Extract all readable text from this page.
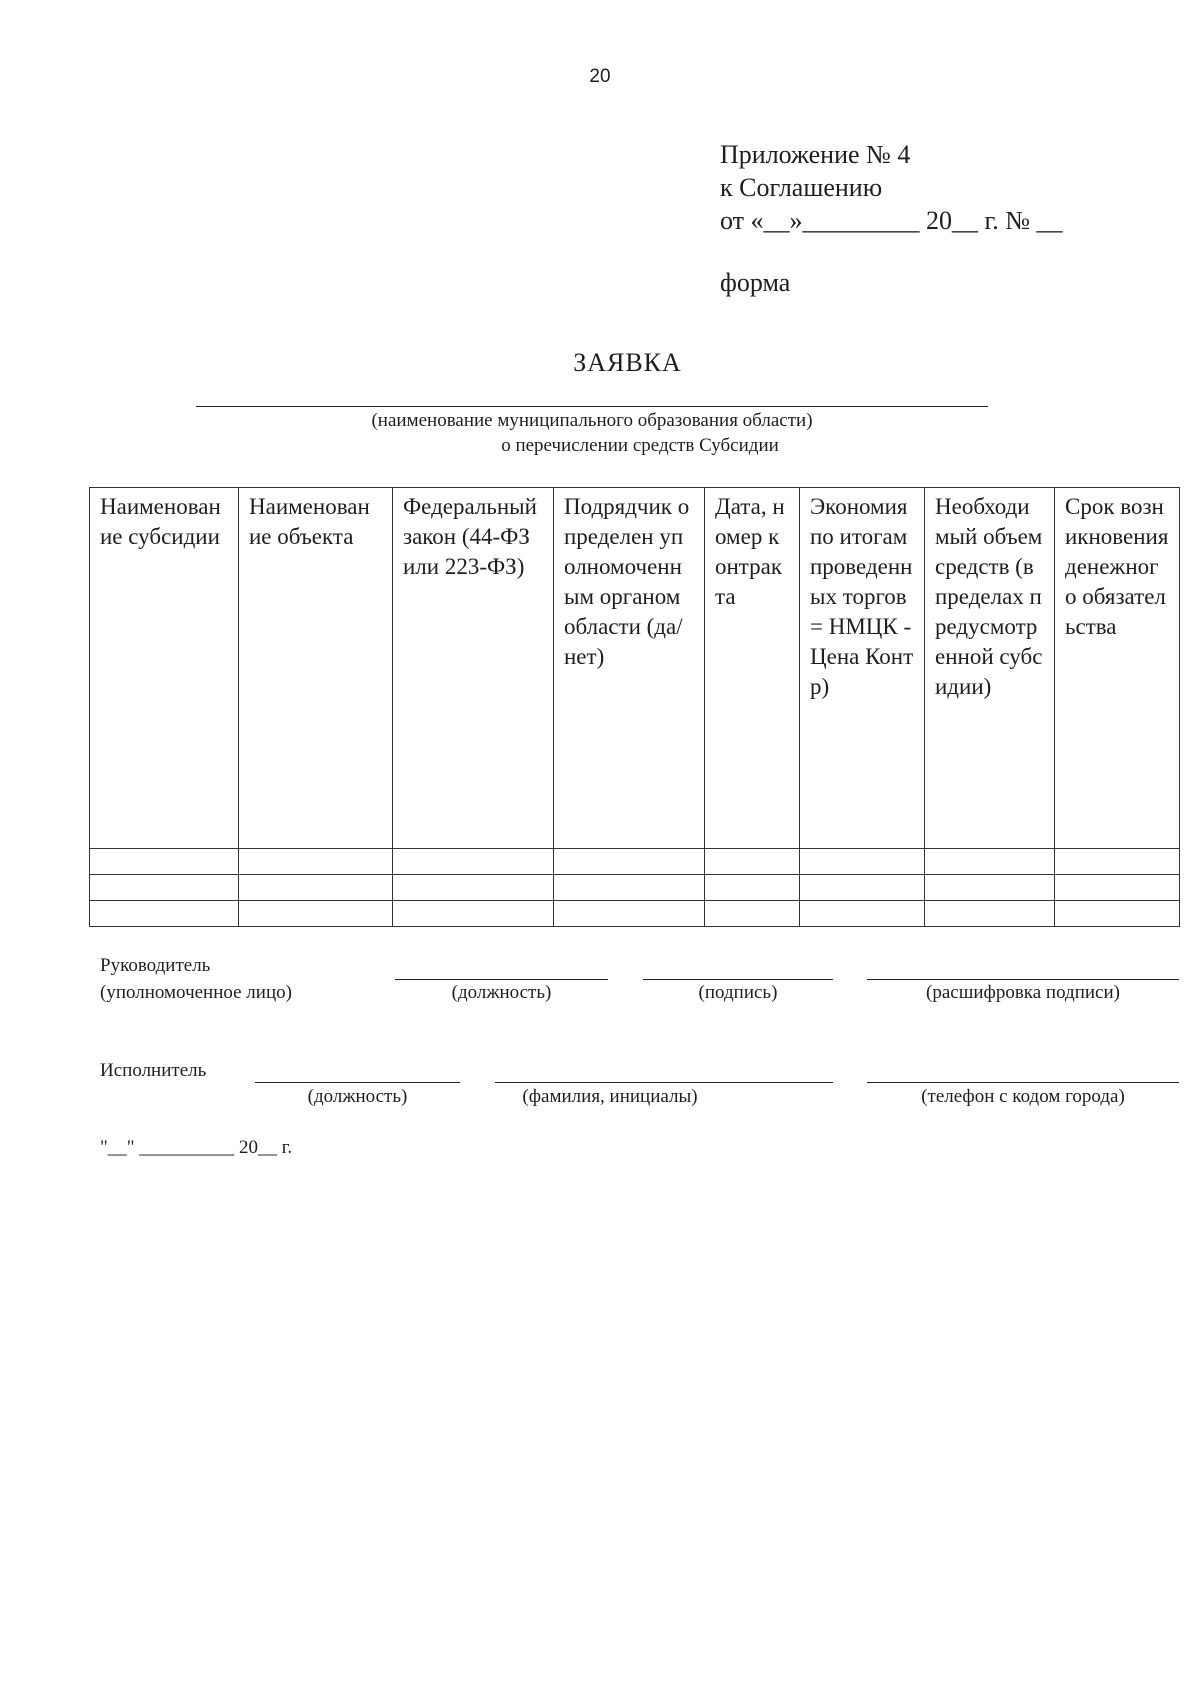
20
Приложение № 4
к Соглашению
от «__»_________ 20__ г. № __
форма
ЗАЯВКА
(наименование муниципального образования области)
о перечислении средств Субсидии
Наименование субсидии	Наименование объекта	Федеральный закон (44-ФЗ или 223-ФЗ)	Подрядчик определен уполномоченным органом области (да/нет)	Дата, номер контракта	Экономия по итогам проведенных торгов = НМЦК - Цена Контр)	Необходимый объем средств (в пределах предусмотренной субсидии)	Срок возникновения денежного обязательства

Руководитель
(уполномоченное лицо)	(должность)	(подпись)	(расшифровка подписи)
Исполнитель
(должность)	(фамилия, инициалы)	(телефон с кодом города)
"__" __________ 20__ г.
